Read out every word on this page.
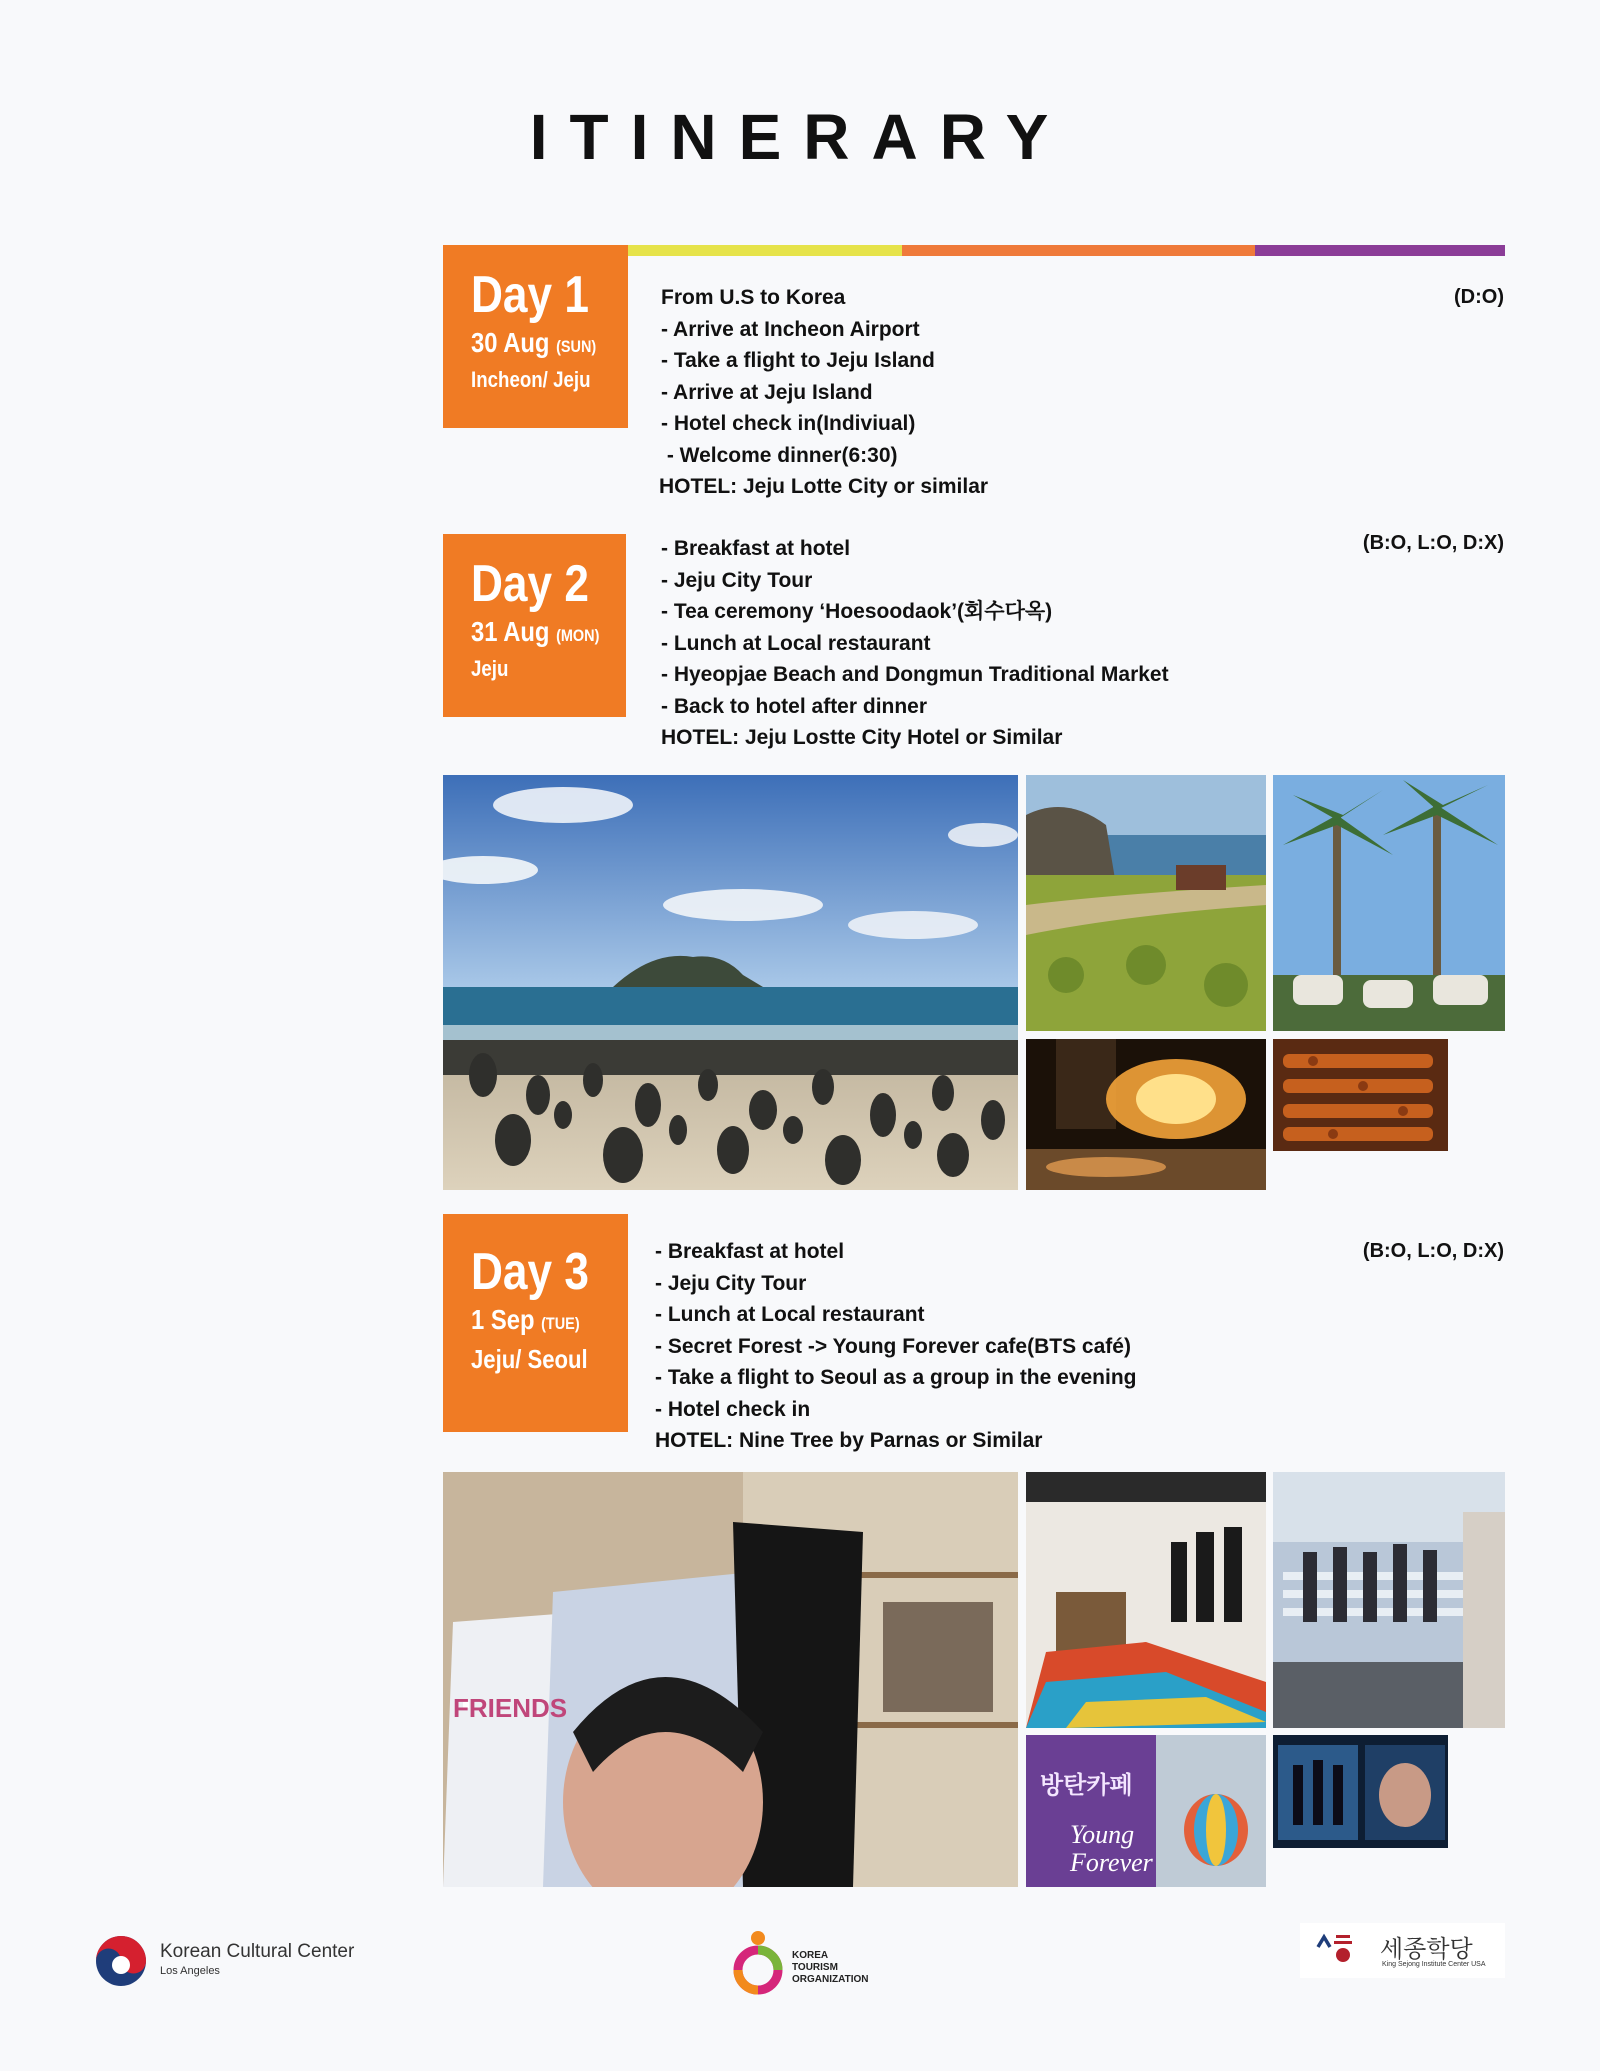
ITINERARY
Day 1
30 Aug (SUN)
Incheon/ Jeju
From U.S to Korea
- Arrive at Incheon Airport
- Take a flight to Jeju Island
- Arrive at Jeju Island
- Hotel check in(Indiviual)
- Welcome dinner(6:30)
HOTEL: Jeju Lotte City or similar
(D:O)
Day 2
31 Aug (MON)
Jeju
- Breakfast at hotel
- Jeju City Tour
- Tea ceremony ‘Hoesoodaok’(회수다옥)
- Lunch at Local restaurant
- Hyeopjae Beach and Dongmun Traditional Market
- Back to hotel after dinner
HOTEL: Jeju Lostte City Hotel or Similar
(B:O, L:O, D:X)
Day 3
1 Sep (TUE)
Jeju/ Seoul
- Breakfast at hotel
- Jeju City Tour
- Lunch at Local restaurant
- Secret Forest -> Young Forever cafe(BTS café)
- Take a flight to Seoul as a group in the evening
- Hotel check in
HOTEL: Nine Tree by Parnas or Similar
(B:O, L:O, D:X)
FRIENDS
방탄카페
Young
Forever
Korean Cultural Center
Los Angeles
KOREA
TOURISM
ORGANIZATION
세종학당
King Sejong Institute Center USA
